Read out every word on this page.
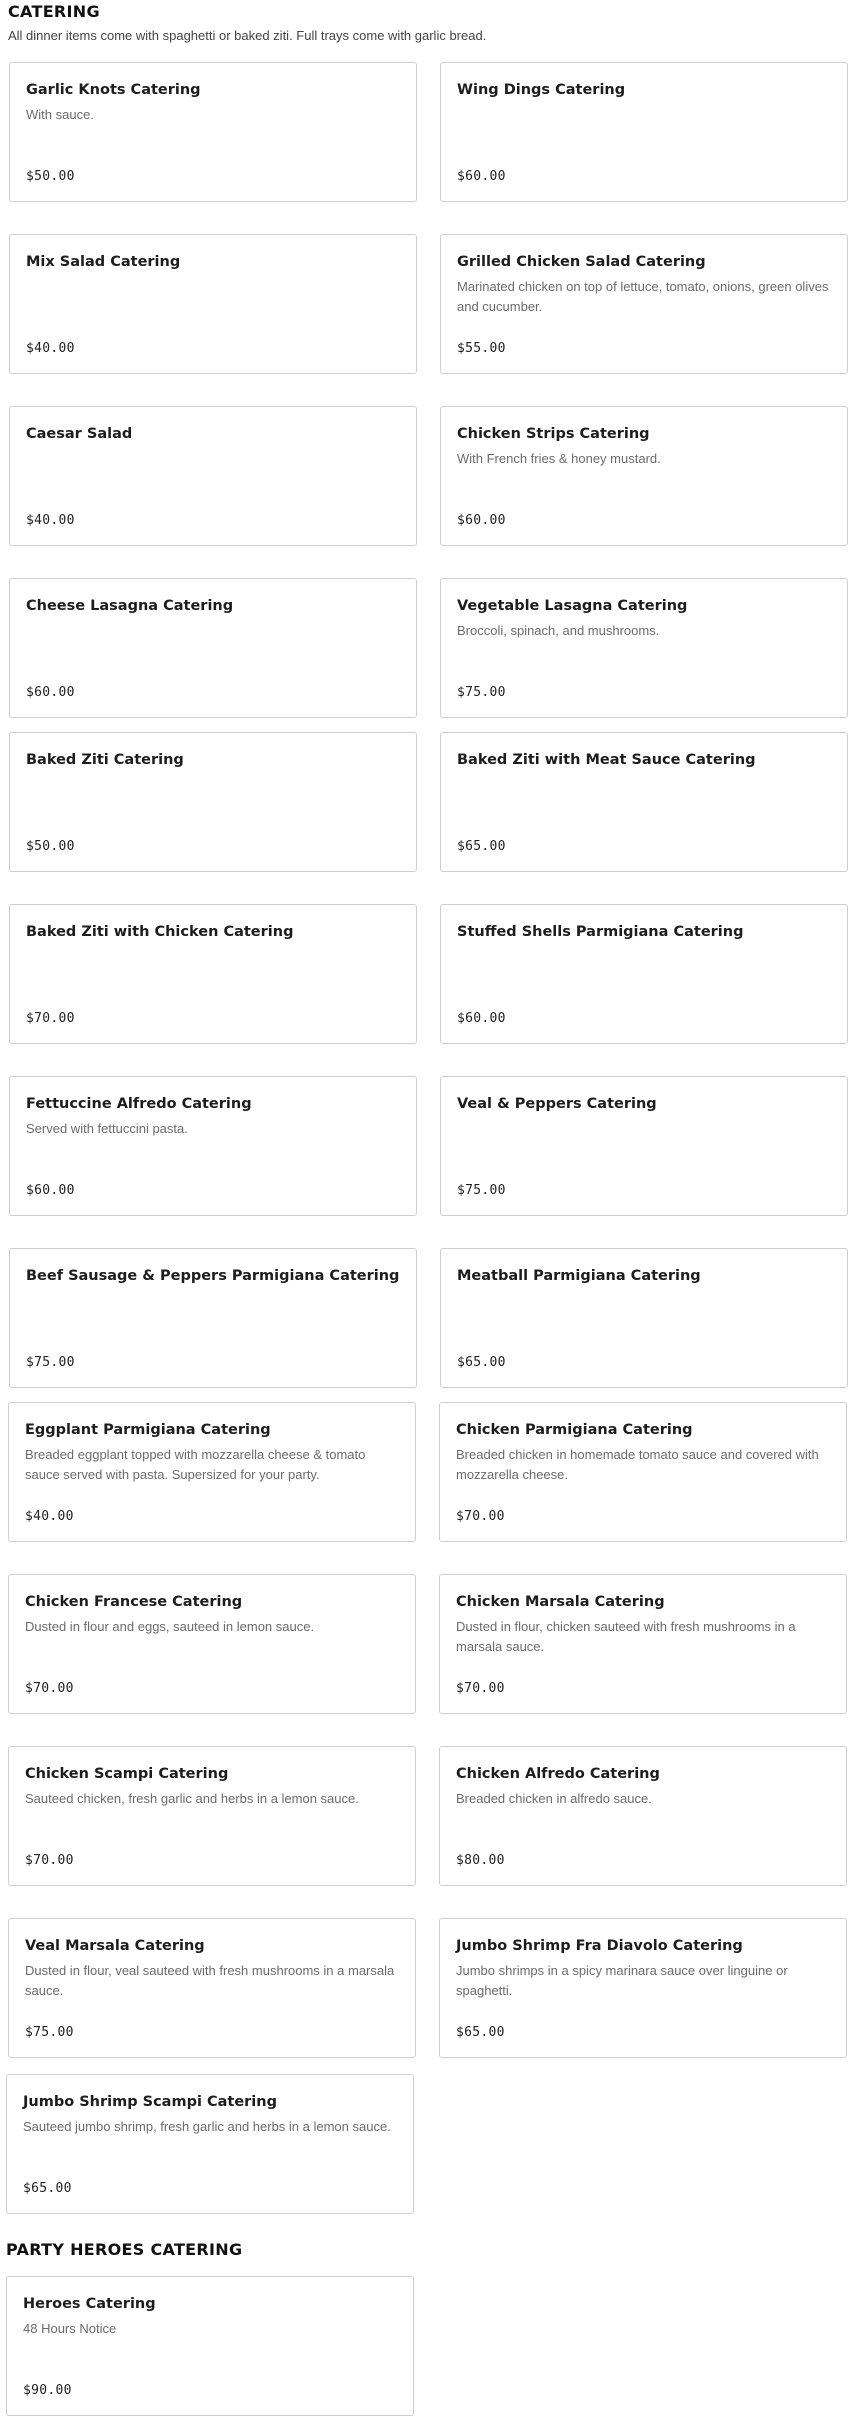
CATERING

All dinner items come with spaghetti or baked ziti. Full trays come with garlic bread.

Garlic Knots Catering
With sauce.
$50.00
Wing Dings Catering
$60.00
Mix Salad Catering
$40.00
Grilled Chicken Salad Catering
Marinated chicken on top of lettuce, tomato, onions, green olives and cucumber.
$55.00
Caesar Salad
$40.00
Chicken Strips Catering
With French fries & honey mustard.
$60.00
Cheese Lasagna Catering
$60.00
Vegetable Lasagna Catering
Broccoli, spinach, and mushrooms.
$75.00
Baked Ziti Catering
$50.00
Baked Ziti with Meat Sauce Catering
$65.00
Baked Ziti with Chicken Catering
$70.00
Stuffed Shells Parmigiana Catering
$60.00
Fettuccine Alfredo Catering
Served with fettuccini pasta.
$60.00
Veal & Peppers Catering
$75.00
Beef Sausage & Peppers Parmigiana Catering
$75.00
Meatball Parmigiana Catering
$65.00
Eggplant Parmigiana Catering
Breaded eggplant topped with mozzarella cheese & tomato sauce served with pasta. Supersized for your party.
$40.00
Chicken Parmigiana Catering
Breaded chicken in homemade tomato sauce and covered with mozzarella cheese.
$70.00
Chicken Francese Catering
Dusted in flour and eggs, sauteed in lemon sauce.
$70.00
Chicken Marsala Catering
Dusted in flour, chicken sauteed with fresh mushrooms in a marsala sauce.
$70.00
Chicken Scampi Catering
Sauteed chicken, fresh garlic and herbs in a lemon sauce.
$70.00
Chicken Alfredo Catering
Breaded chicken in alfredo sauce.
$80.00
Veal Marsala Catering
Dusted in flour, veal sauteed with fresh mushrooms in a marsala sauce.
$75.00
Jumbo Shrimp Fra Diavolo Catering
Jumbo shrimps in a spicy marinara sauce over linguine or spaghetti.
$65.00
Jumbo Shrimp Scampi Catering
Sauteed jumbo shrimp, fresh garlic and herbs in a lemon sauce.
$65.00
PARTY HEROES CATERING
Heroes Catering
48 Hours Notice
$90.00
